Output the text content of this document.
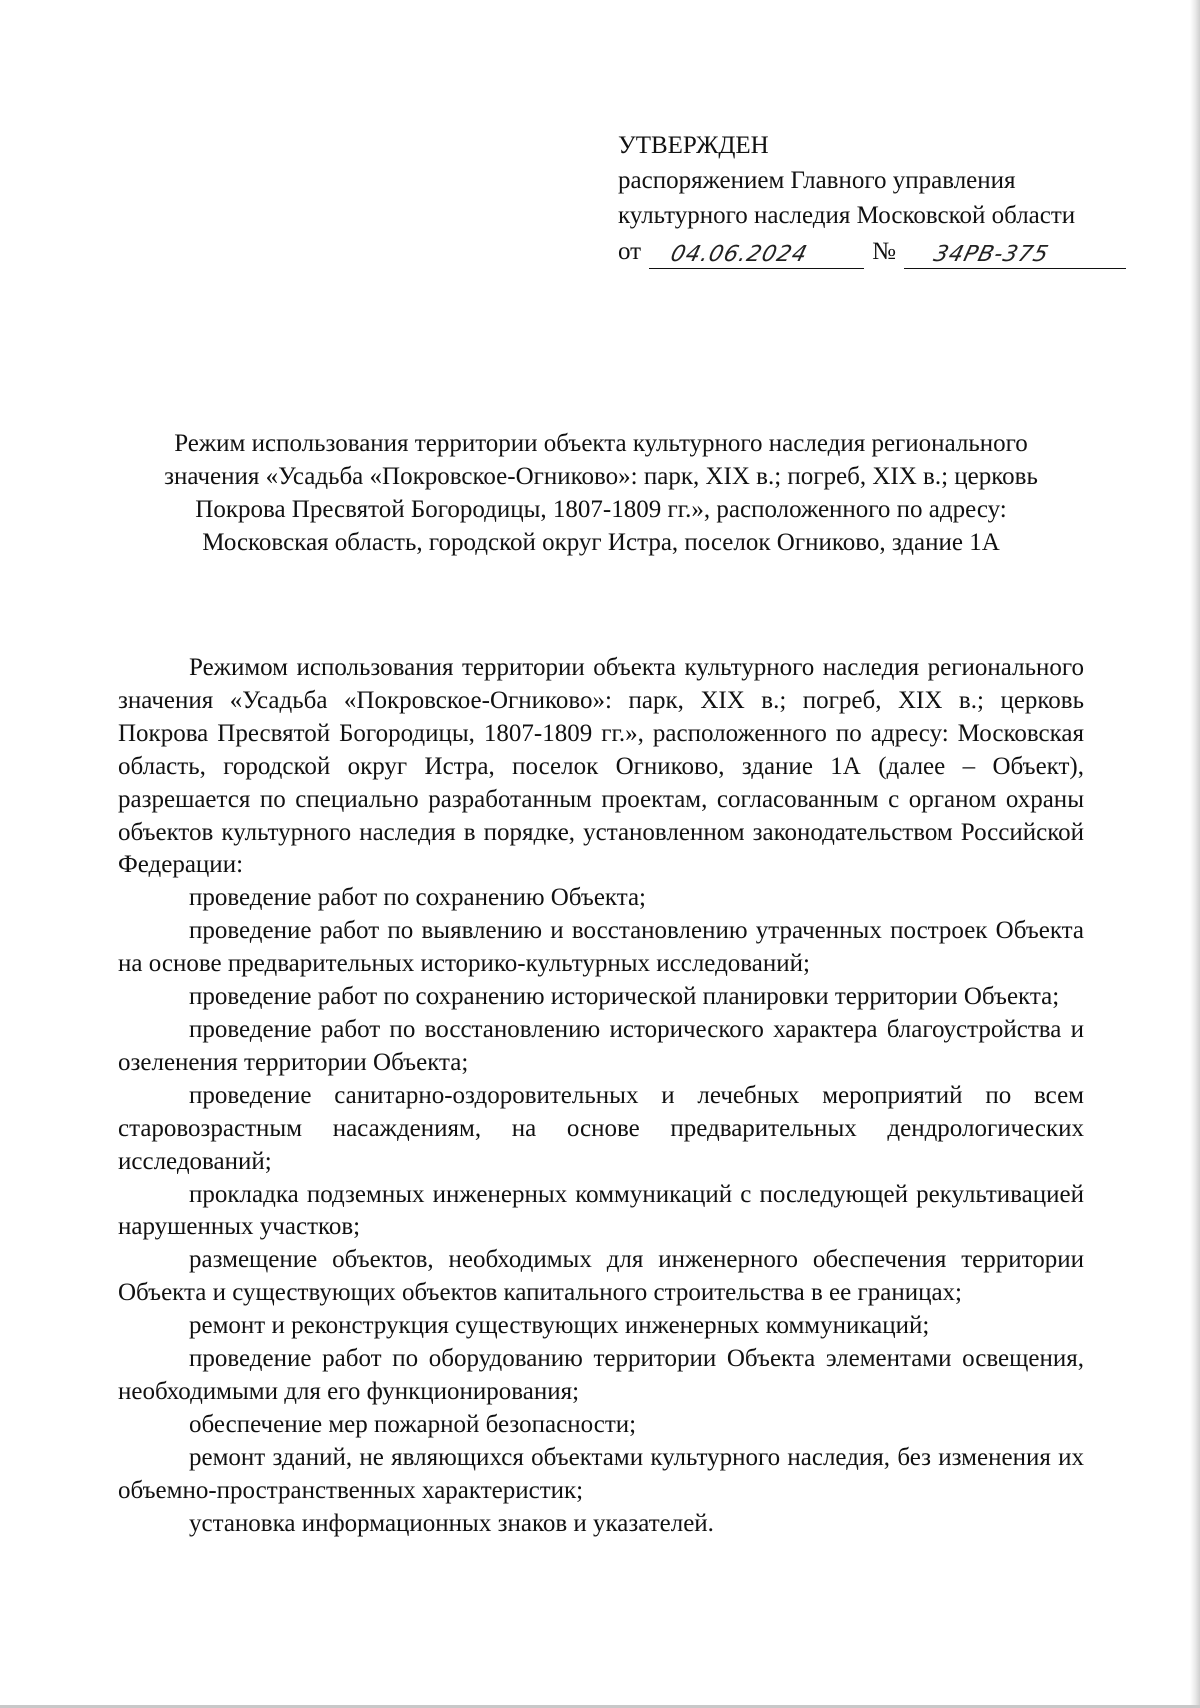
УТВЕРЖДЕН
распоряжением Главного управления
культурного наследия Московской области
от 04.06.2024 № 34РВ-375
Режим использования территории объекта культурного наследия регионального
значения «Усадьба «Покровское-Огниково»: парк, XIX в.; погреб, XIX в.; церковь
Покрова Пресвятой Богородицы, 1807-1809 гг.», расположенного по адресу:
Московская область, городской округ Истра, поселок Огниково, здание 1А

Режимом использования территории объекта культурного наследия регионального значения «Усадьба «Покровское-Огниково»: парк, XIX в.; погреб, XIX в.; церковь Покрова Пресвятой Богородицы, 1807-1809 гг.», расположенного по адресу: Московская область, городской округ Истра, поселок Огниково, здание 1А (далее – Объект), разрешается по специально разработанным проектам, согласованным с органом охраны объектов культурного наследия в порядке, установленном законодательством Российской Федерации:

проведение работ по сохранению Объекта;
проведение работ по выявлению и восстановлению утраченных построек Объекта на основе предварительных историко-культурных исследований;
проведение работ по сохранению исторической планировки территории Объекта;
проведение работ по восстановлению исторического характера благоустройства и озеленения территории Объекта;
проведение санитарно-оздоровительных и лечебных мероприятий по всем старовозрастным насаждениям, на основе предварительных дендрологических исследований;
прокладка подземных инженерных коммуникаций с последующей рекультивацией нарушенных участков;
размещение объектов, необходимых для инженерного обеспечения территории Объекта и существующих объектов капитального строительства в ее границах;
ремонт и реконструкция существующих инженерных коммуникаций;
проведение работ по оборудованию территории Объекта элементами освещения, необходимыми для его функционирования;
обеспечение мер пожарной безопасности;
ремонт зданий, не являющихся объектами культурного наследия, без изменения их объемно-пространственных характеристик;
установка информационных знаков и указателей.
